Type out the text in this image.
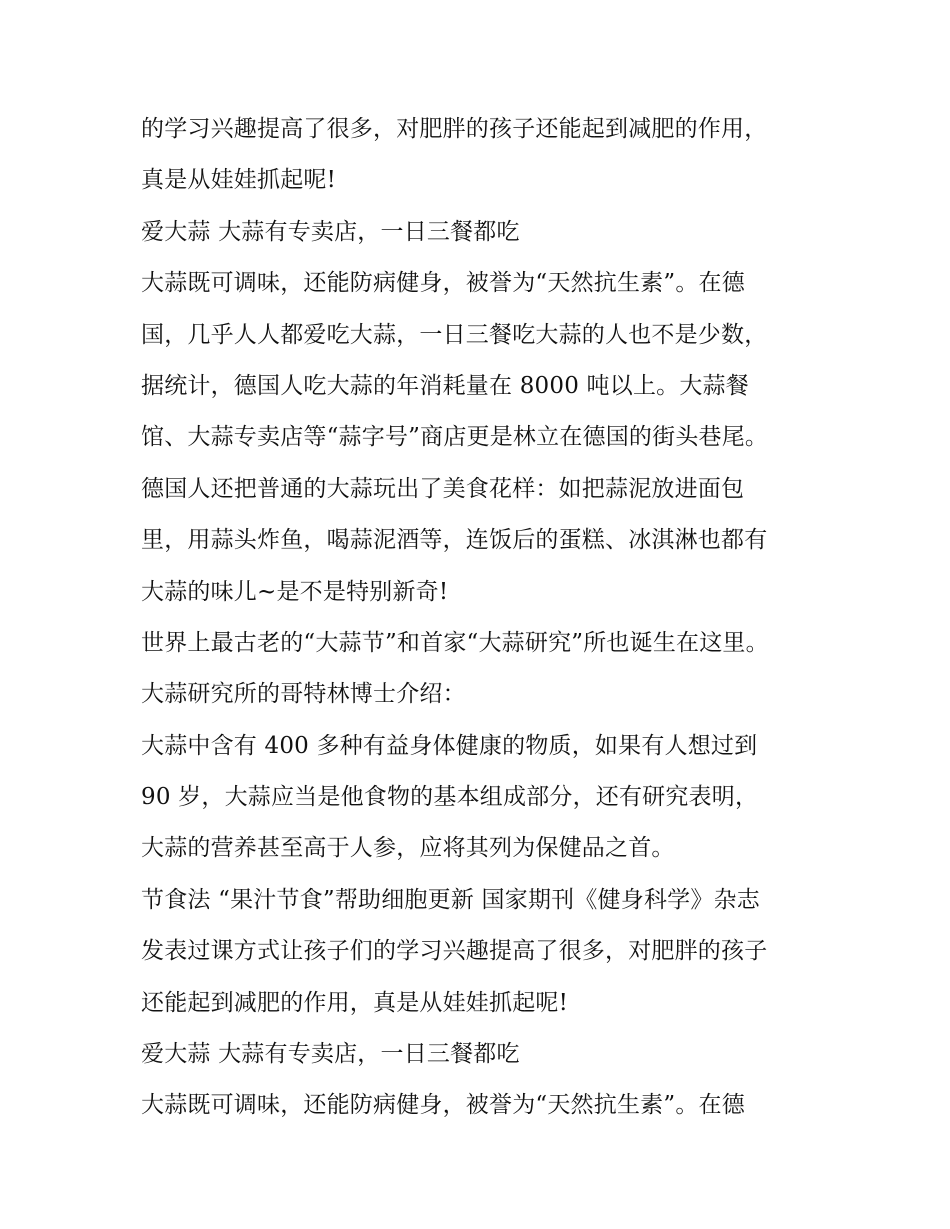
的学习兴趣提高了很多，对肥胖的孩子还能起到减肥的作用，
真是从娃娃抓起呢!
爱大蒜 大蒜有专卖店，一日三餐都吃
大蒜既可调味，还能防病健身，被誉为“天然抗生素”。在德
国，几乎人人都爱吃大蒜，一日三餐吃大蒜的人也不是少数，
据统计，德国人吃大蒜的年消耗量在 8000 吨以上。大蒜餐
馆、大蒜专卖店等“蒜字号”商店更是林立在德国的街头巷尾。
德国人还把普通的大蒜玩出了美食花样：如把蒜泥放进面包
里，用蒜头炸鱼，喝蒜泥酒等，连饭后的蛋糕、冰淇淋也都有
大蒜的味儿~是不是特别新奇!
世界上最古老的“大蒜节”和首家“大蒜研究”所也诞生在这里。
大蒜研究所的哥特林博士介绍：
大蒜中含有 400 多种有益身体健康的物质，如果有人想过到
90 岁，大蒜应当是他食物的基本组成部分，还有研究表明，
大蒜的营养甚至高于人参，应将其列为保健品之首。
节食法 “果汁节食”帮助细胞更新 国家期刊《健身科学》杂志
发表过课方式让孩子们的学习兴趣提高了很多，对肥胖的孩子
还能起到减肥的作用，真是从娃娃抓起呢!
爱大蒜 大蒜有专卖店，一日三餐都吃
大蒜既可调味，还能防病健身，被誉为“天然抗生素”。在德
